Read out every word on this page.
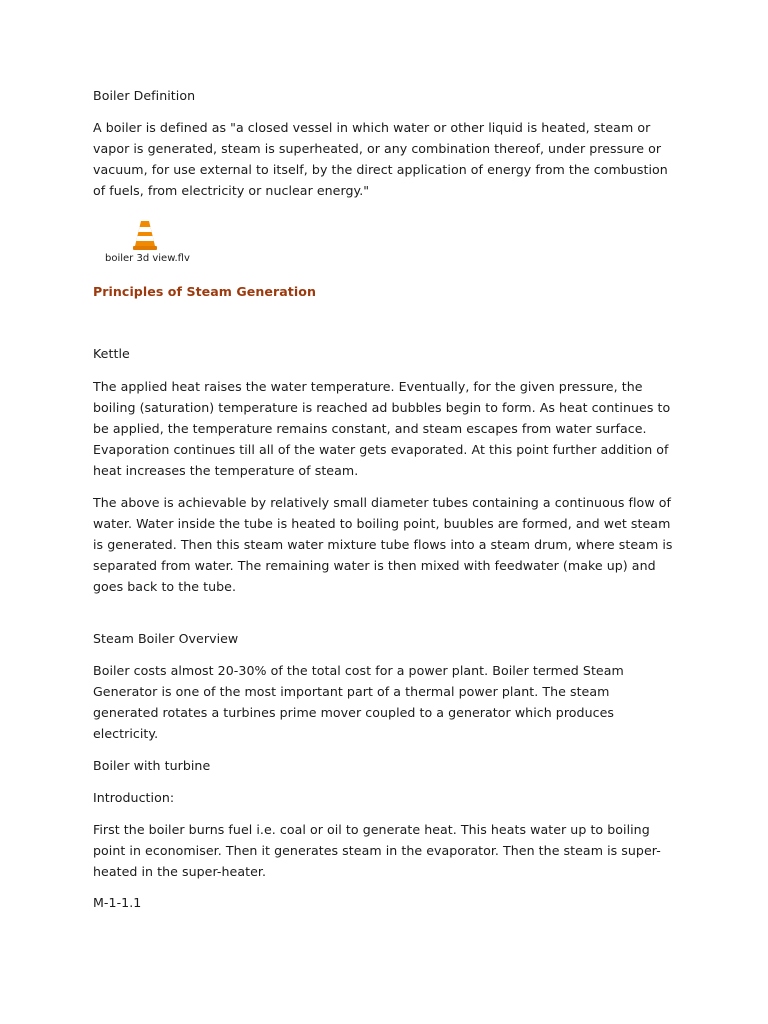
Boiler Definition

A boiler is defined as "a closed vessel in which water or other liquid is heated, steam or vapor is generated, steam is superheated, or any combination thereof, under pressure or vacuum, for use external to itself, by the direct application of energy from the combustion of fuels, from electricity or nuclear energy."

boiler 3d view.flv

Principles of Steam Generation

Kettle

The applied heat raises the water temperature. Eventually, for the given pressure, the boiling (saturation) temperature is reached ad bubbles begin to form. As heat continues to be applied, the temperature remains constant, and steam escapes from water surface. Evaporation continues till all of the water gets evaporated. At this point further addition of heat increases the temperature of steam.

The above is achievable by relatively small diameter tubes containing a continuous flow of water. Water inside the tube is heated to boiling point, buubles are formed, and wet steam is generated. Then this steam water mixture tube flows into a steam drum, where steam is separated from water. The remaining water is then mixed with feedwater (make up) and goes back to the tube.

Steam Boiler Overview

Boiler costs almost 20-30% of the total cost for a power plant. Boiler termed Steam Generator is one of the most important part of a thermal power plant. The steam generated rotates a turbines prime mover coupled to a generator which produces electricity.

Boiler with turbine

Introduction:

First the boiler burns fuel i.e. coal or oil to generate heat. This heats water up to boiling point in economiser. Then it generates steam in the evaporator. Then the steam is super-heated in the super-heater.

M-1-1.1
